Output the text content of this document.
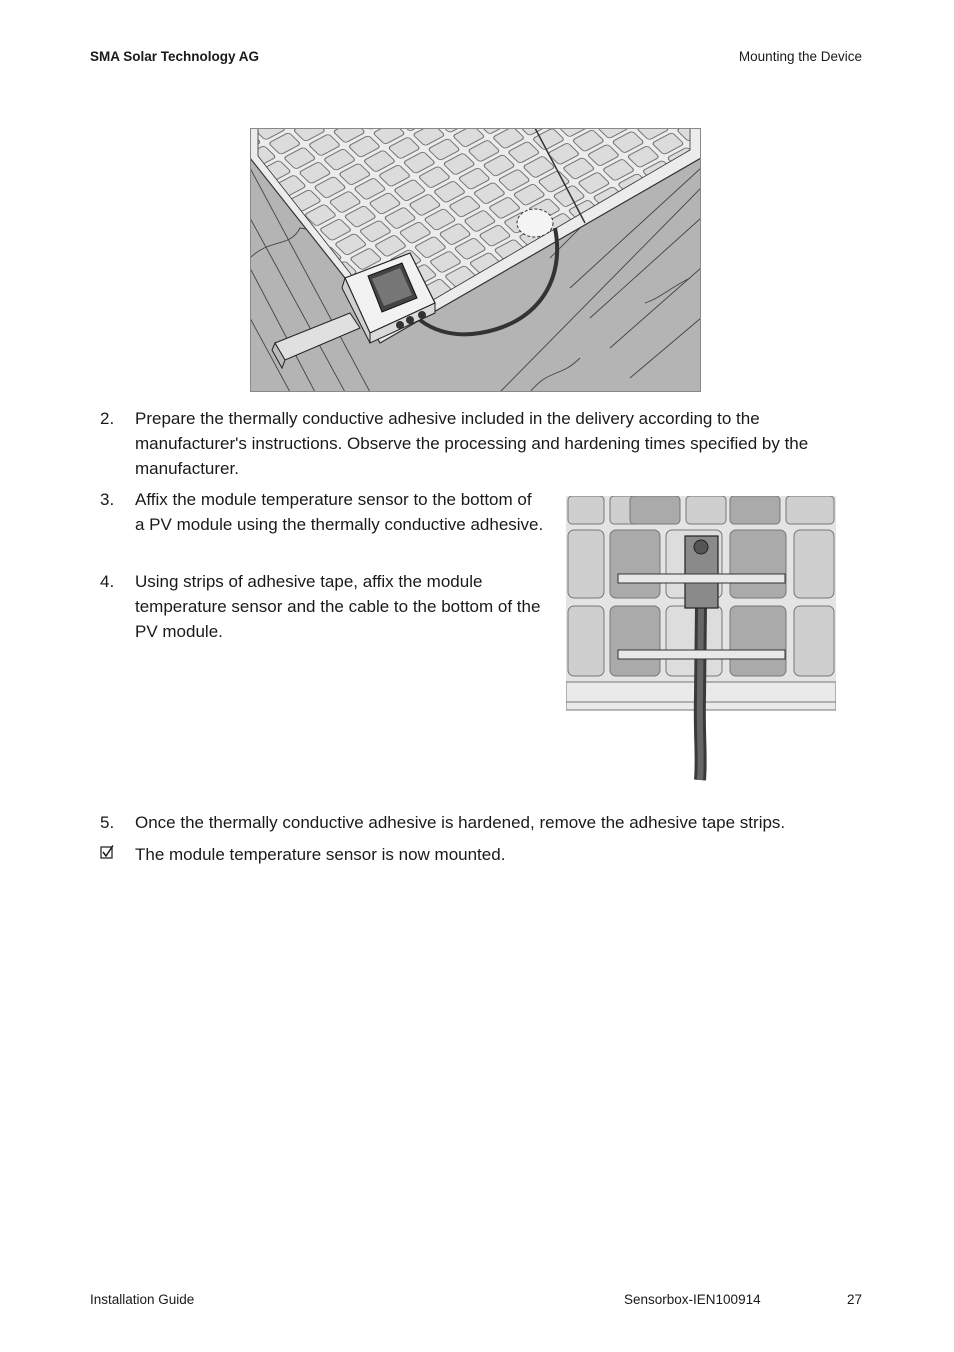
SMA Solar Technology AG	Mounting the Device
2.	Prepare the thermally conductive adhesive included in the delivery according to the manufacturer's instructions. Observe the processing and hardening times specified by the manufacturer.
3.	Affix the module temperature sensor to the bottom of a PV module using the thermally conductive adhesive.
4.	Using strips of adhesive tape, affix the module temperature sensor and the cable to the bottom of the PV module.
5.	Once the thermally conductive adhesive is hardened, remove the adhesive tape strips.
The module temperature sensor is now mounted.
Installation Guide	Sensorbox-IEN100914	27
